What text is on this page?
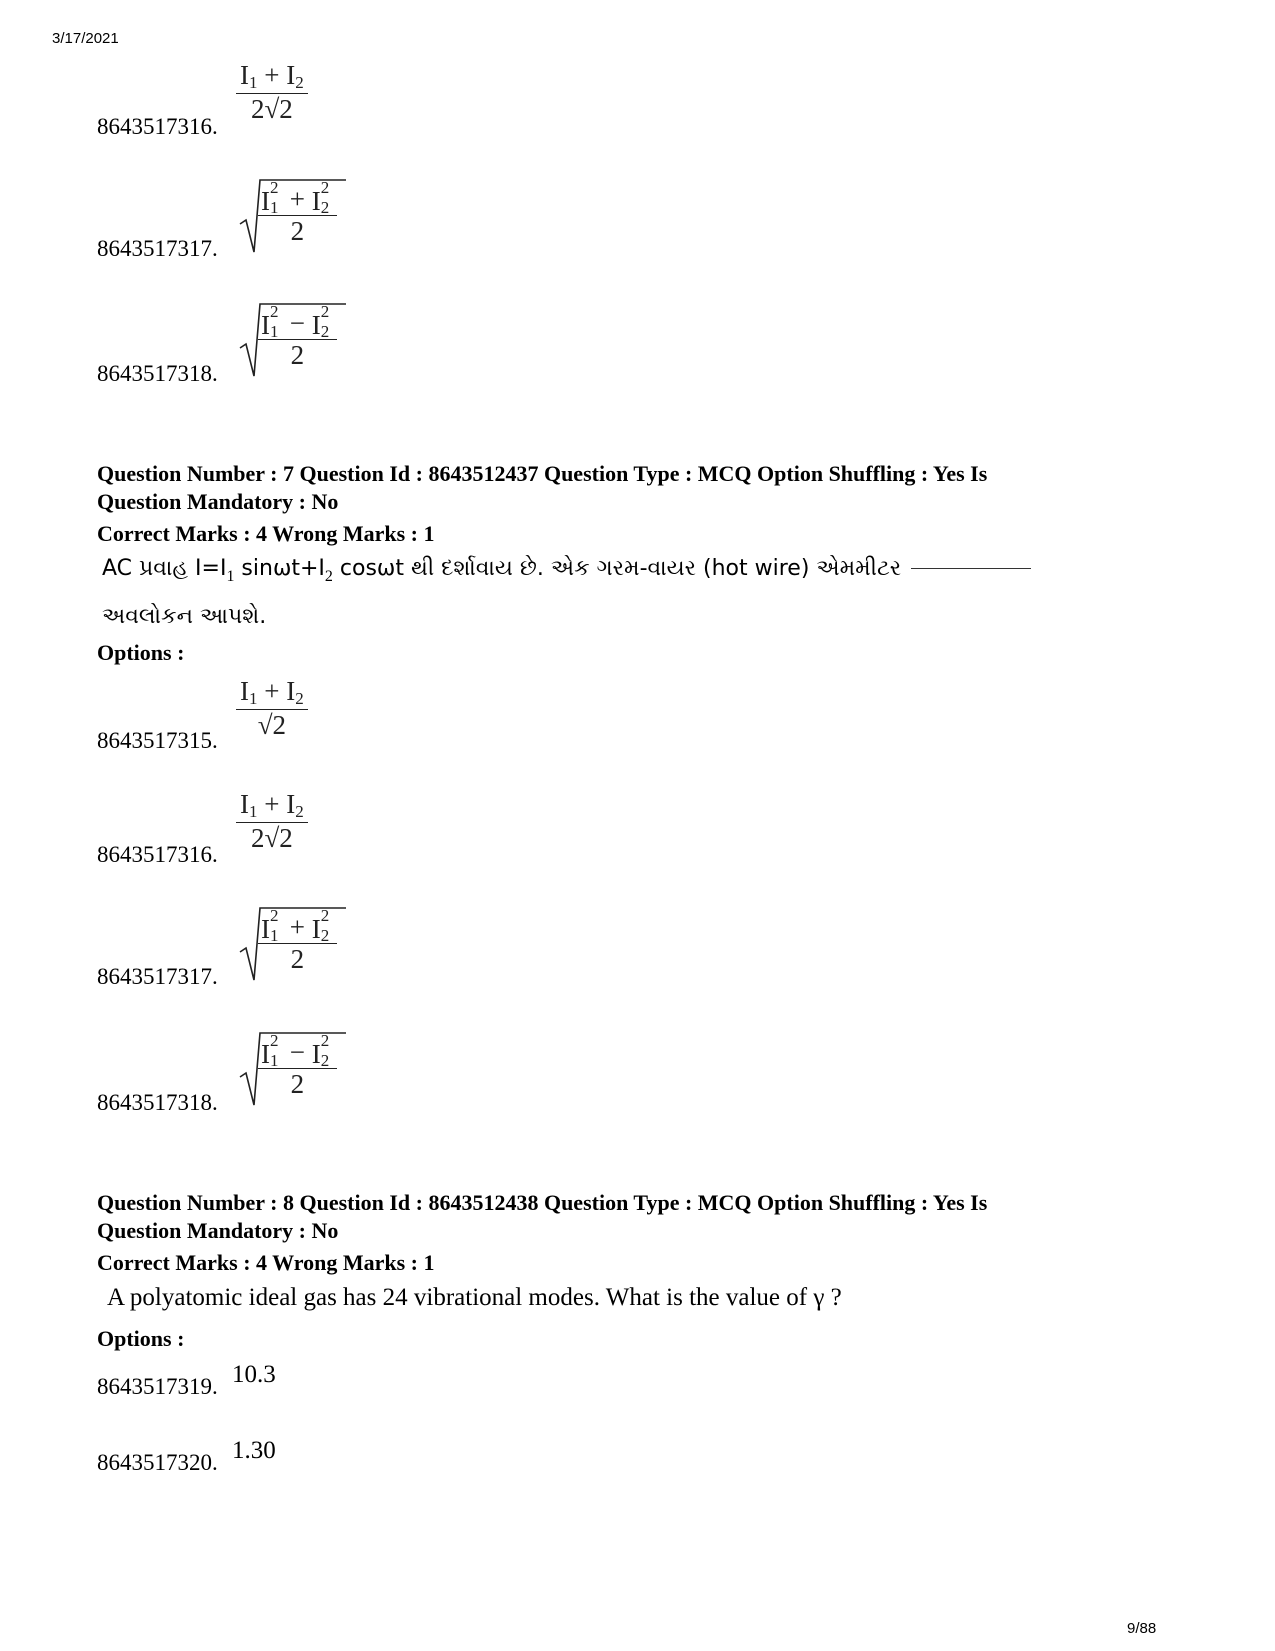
3/17/2021
9/88
8643517316.
$I_1 + I_2$
2√2
8643517317.
I 2
1 + I 2
2
2
8643517318.
I 2
1 − I 2
2
2
Question Number : 7 Question Id : 8643512437 Question Type : MCQ Option Shuffling : Yes Is
Question Mandatory : No
Correct Marks : 4 Wrong Marks : 1
AC પ્રવાહ $I=I_1$ $\sin\omega t+I_2$ cosωt થી દર્શાવાય છે. એક ગરમ-વાયર (hot wire) એમમીટર
અવલોકન આપશે.
Options :
8643517315.
$I_1 + I_2$
√2
8643517316.
$I_1 + I_2$
2√2
8643517317.
I 2
1 + I 2
2
2
8643517318.
I 2
1 − I 2
2
2
Question Number : 8 Question Id : 8643512438 Question Type : MCQ Option Shuffling : Yes Is
Question Mandatory : No
Correct Marks : 4 Wrong Marks : 1
A polyatomic ideal gas has 24 vibrational modes. What is the value of γ ?
Options :
8643517319. 10.3
8643517320. 1.30
